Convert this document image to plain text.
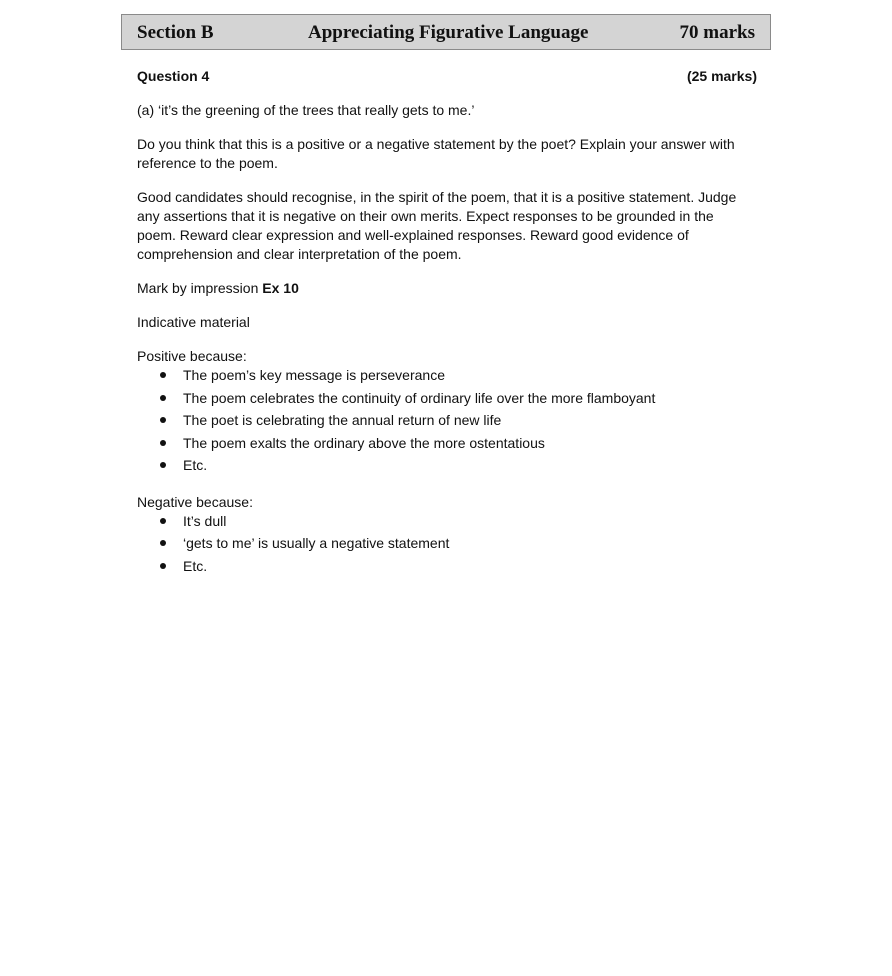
Section B	Appreciating Figurative Language	70 marks
Question 4	(25 marks)

(a) ‘it’s the greening of the trees that really gets to me.’

Do you think that this is a positive or a negative statement by the poet? Explain your answer with reference to the poem.

Good candidates should recognise, in the spirit of the poem, that it is a positive statement. Judge any assertions that it is negative on their own merits. Expect responses to be grounded in the poem. Reward clear expression and well-explained responses. Reward good evidence of comprehension and clear interpretation of the poem.

Mark by impression Ex 10

Indicative material

Positive because:

The poem’s key message is perseverance
The poem celebrates the continuity of ordinary life over the more flamboyant
The poet is celebrating the annual return of new life
The poem exalts the ordinary above the more ostentatious
Etc.

Negative because:

It’s dull
‘gets to me’ is usually a negative statement
Etc.
